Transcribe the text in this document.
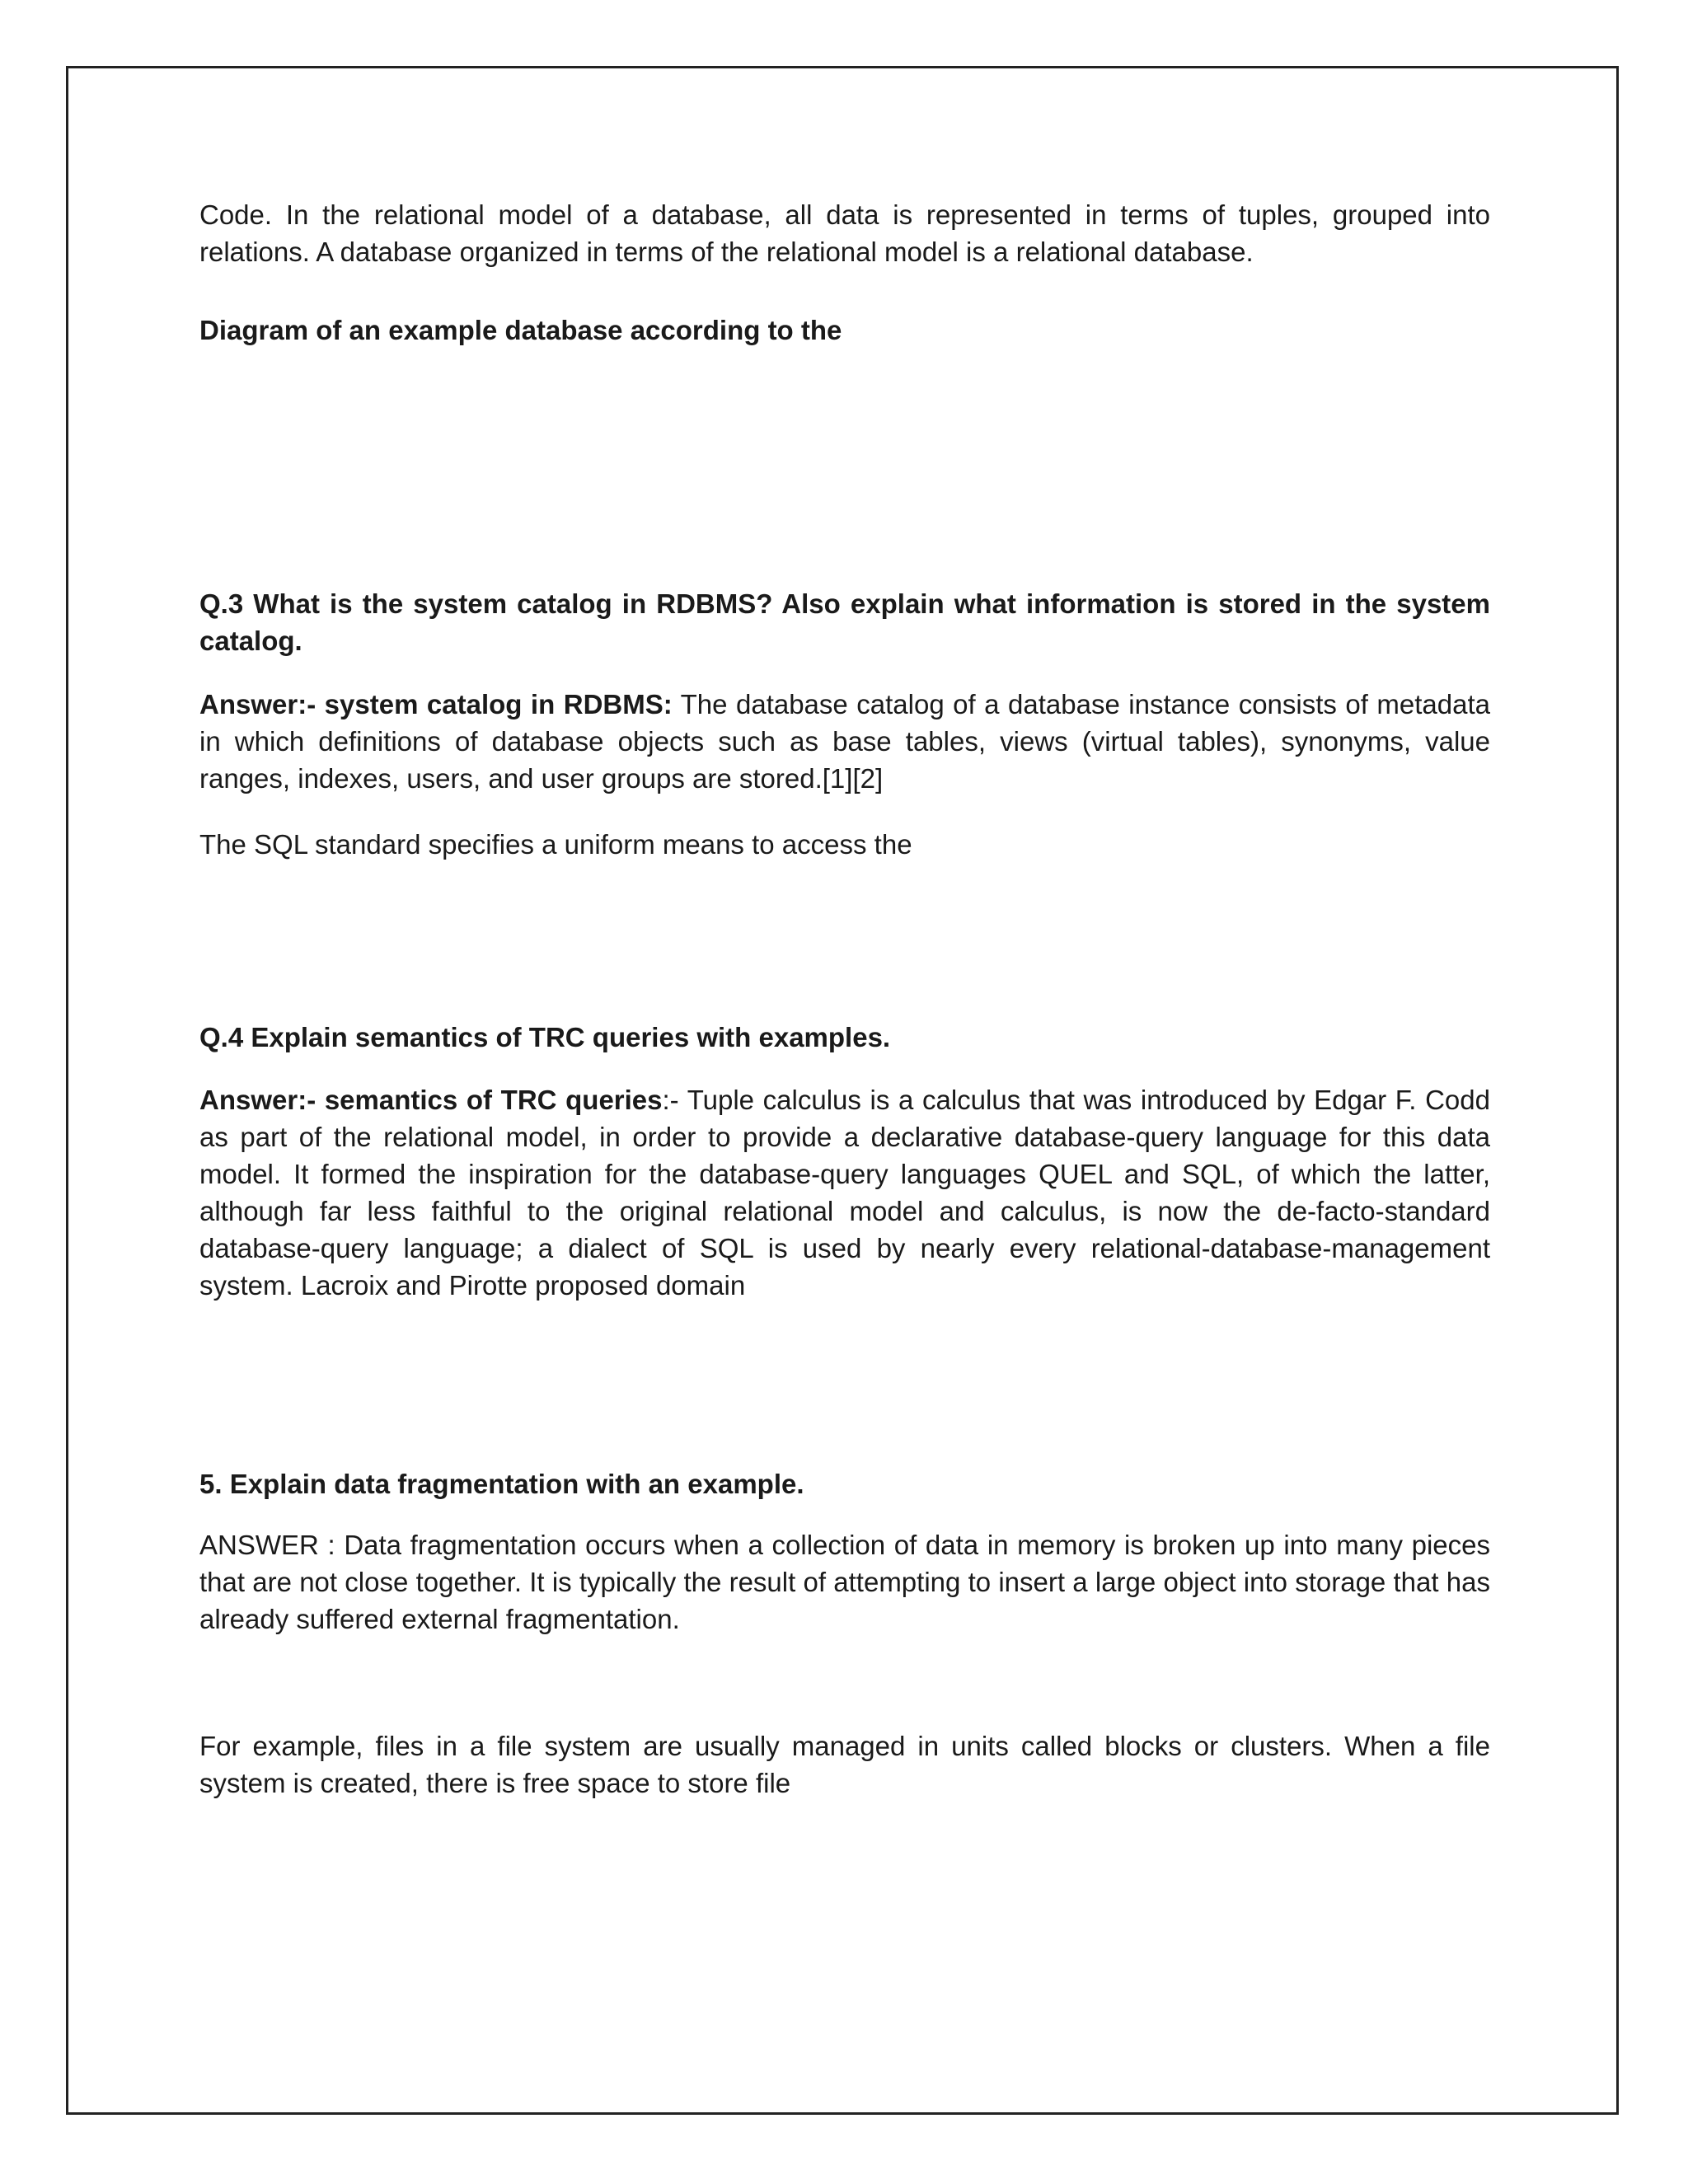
Code. In the relational model of a database, all data is represented in terms of tuples, grouped into relations. A database organized in terms of the relational model is a relational database.

Diagram of an example database according to the

Q.3 What is the system catalog in RDBMS? Also explain what information is stored in the system catalog.

Answer:- system catalog in RDBMS: The database catalog of a database instance consists of metadata in which definitions of database objects such as base tables, views (virtual tables), synonyms, value ranges, indexes, users, and user groups are stored.[1][2]

The SQL standard specifies a uniform means to access the

Q.4 Explain semantics of TRC queries with examples.

Answer:- semantics of TRC queries:- Tuple calculus is a calculus that was introduced by Edgar F. Codd as part of the relational model, in order to provide a declarative database-query language for this data model. It formed the inspiration for the database-query languages QUEL and SQL, of which the latter, although far less faithful to the original relational model and calculus, is now the de-facto-standard database-query language; a dialect of SQL is used by nearly every relational-database-management system. Lacroix and Pirotte proposed domain

5. Explain data fragmentation with an example.

ANSWER : Data fragmentation occurs when a collection of data in memory is broken up into many pieces that are not close together. It is typically the result of attempting to insert a large object into storage that has already suffered external fragmentation.

For example, files in a file system are usually managed in units called blocks or clusters. When a file system is created, there is free space to store file
